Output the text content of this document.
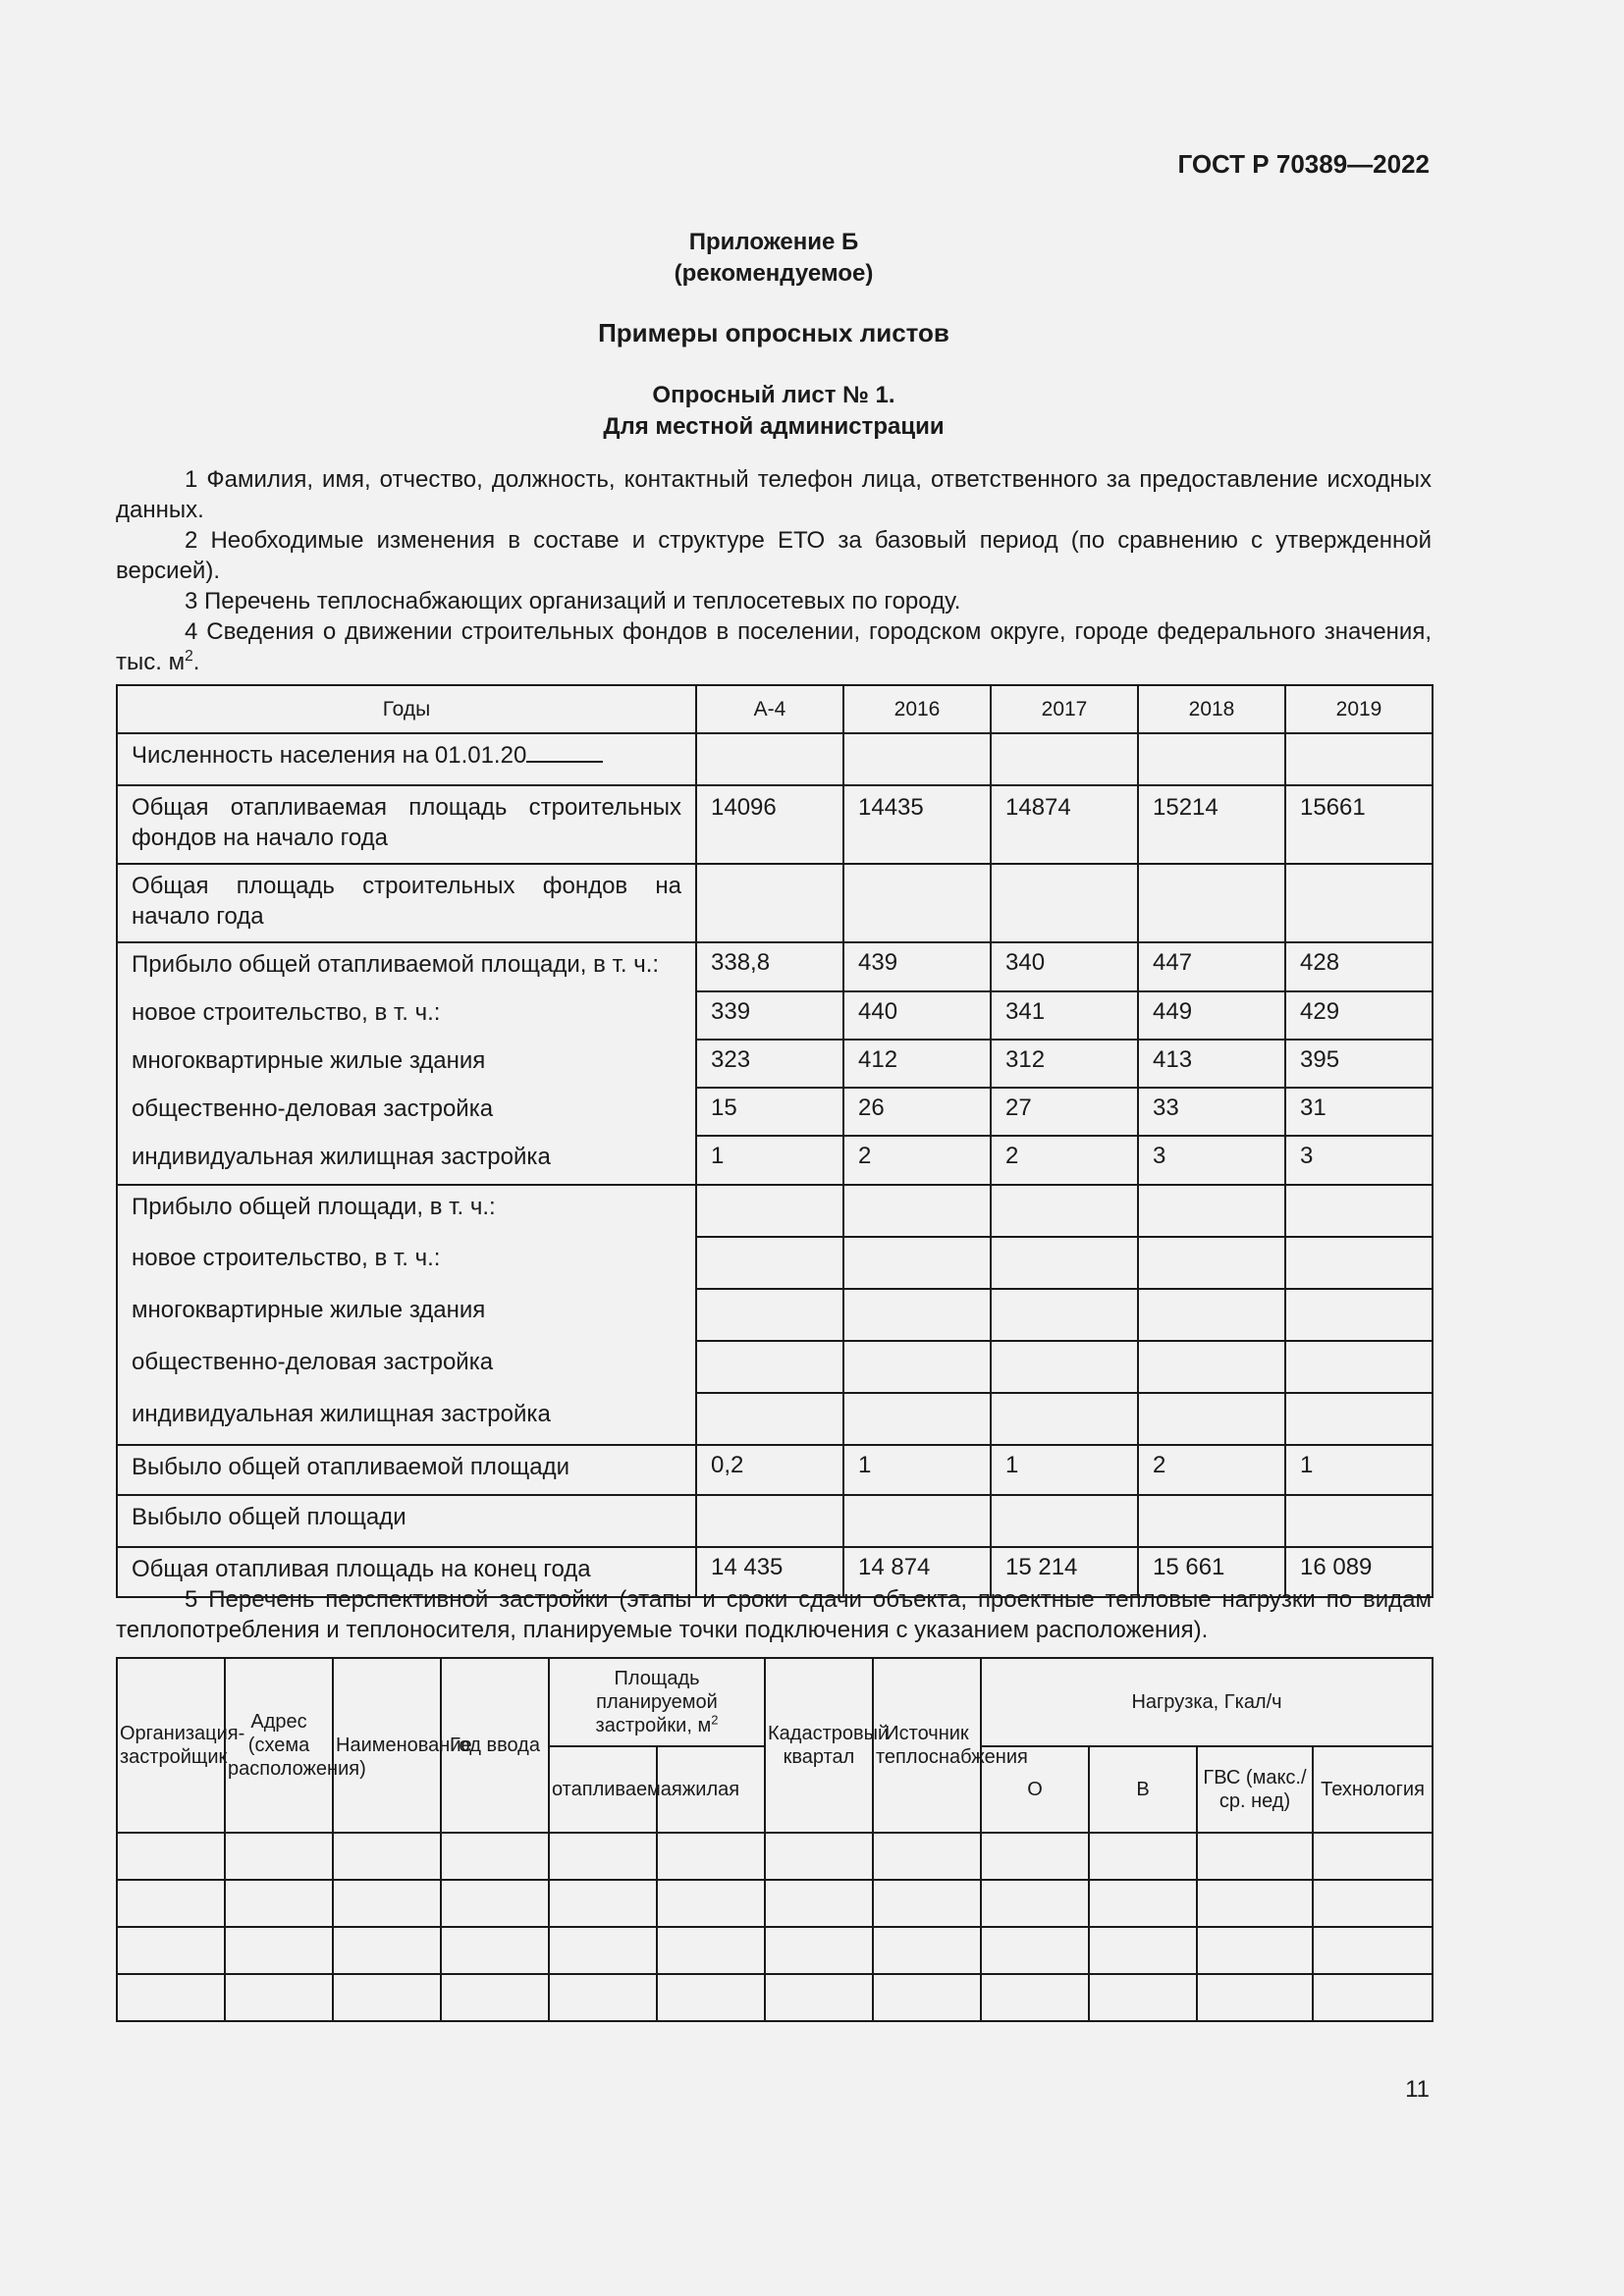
ГОСТ Р 70389—2022
Приложение Б
(рекомендуемое)
Примеры опросных листов
Опросный лист № 1.
Для местной администрации

1 Фамилия, имя, отчество, должность, контактный телефон лица, ответственного за предоставление исходных данных.

2 Необходимые изменения в составе и структуре ЕТО за базовый период (по сравнению с утвержденной версией).

3 Перечень теплоснабжающих организаций и теплосетевых по городу.

4 Сведения о движении строительных фондов в поселении, городском округе, городе федерального значения, тыс. $м^2$.

Годы	А-4	2016	2017	2018	2019
Численность населения на 01.01.20					
Общая отапливаемая площадь строительных фондов на начало года	14096	14435	14874	15214	15661
Общая площадь строительных фондов на начало года					
Прибыло общей отапливаемой площади, в т. ч.:	338,8	439	340	447	428
новое строительство, в т. ч.:	339	440	341	449	429
многоквартирные жилые здания	323	412	312	413	395
общественно-деловая застройка	15	26	27	33	31
индивидуальная жилищная застройка	1	2	2	3	3
Прибыло общей площади, в т. ч.:					
новое строительство, в т. ч.:					
многоквартирные жилые здания					
общественно-деловая застройка					
индивидуальная жилищная застройка					
Выбыло общей отапливаемой площади	0,2	1	1	2	1
Выбыло общей площади					
Общая отапливая площадь на конец года	14 435	14 874	15 214	15 661	16 089

5 Перечень перспективной застройки (этапы и сроки сдачи объекта, проектные тепловые нагрузки по видам теплопотребления и теплоносителя, планируемые точки подключения с указанием расположения).

Организация-застройщик	Адрес (схема расположения)	Наименование	Год ввода	Площадь планируемой застройки, $м^2$		Кадастровый квартал	Источник теплоснабжения	Нагрузка, Гкал/ч			
				отапливаемая	жилая			О	В	ГВС (макс./ср. нед)	Технология

11
